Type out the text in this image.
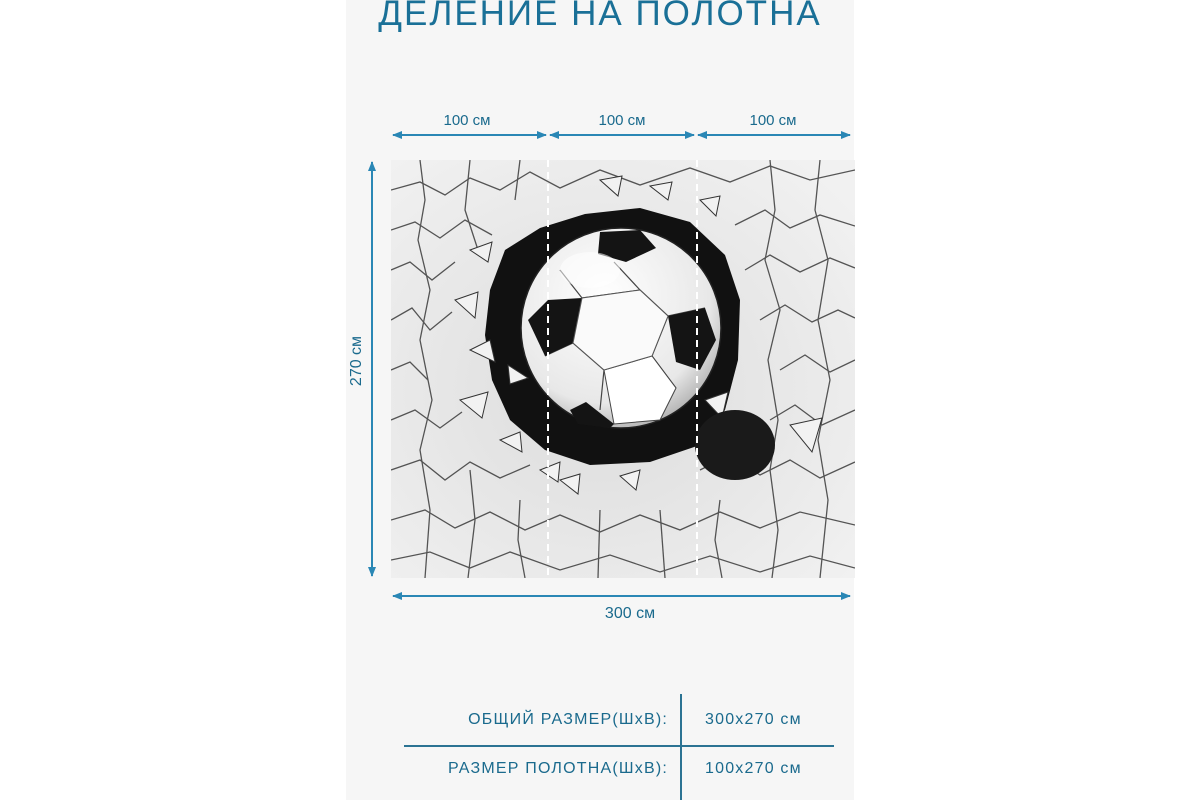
ДЕЛЕНИЕ НА ПОЛОТНА
100 см	100 см	100 см
300 см
270 см
ОБЩИЙ РАЗМЕР(ШхВ): 300х270 см
РАЗМЕР ПОЛОТНА(ШхВ): 100х270 см
